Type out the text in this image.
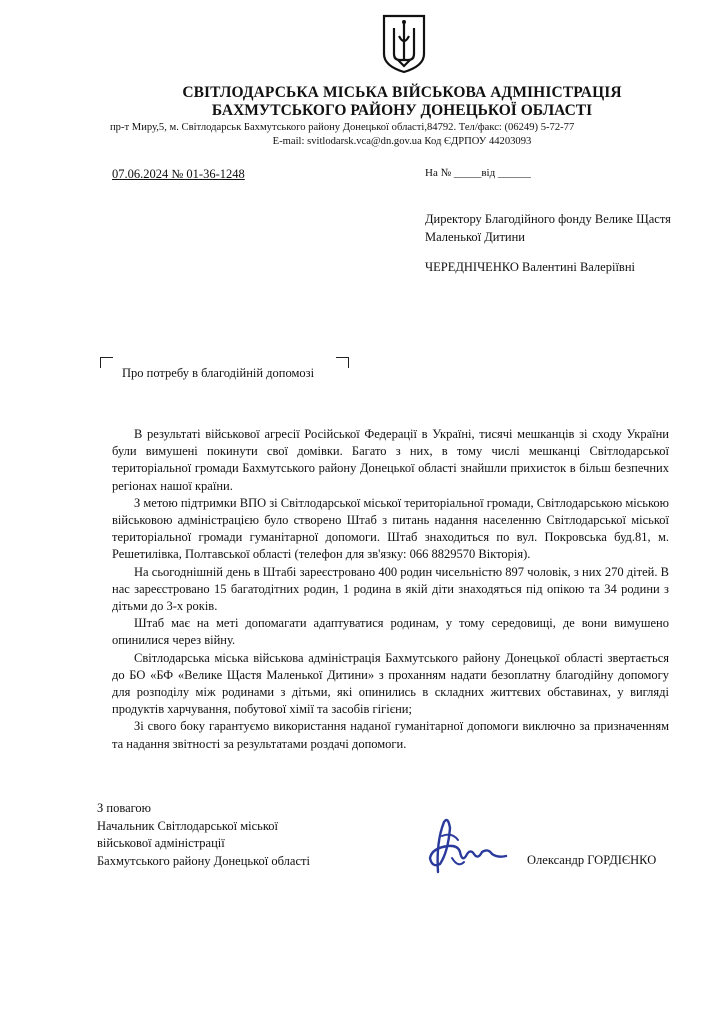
СВІТЛОДАРСЬКА МІСЬКА ВІЙСЬКОВА АДМІНІСТРАЦІЯ
БАХМУТСЬКОГО РАЙОНУ ДОНЕЦЬКОЇ ОБЛАСТІ
пр-т Миру,5, м. Світлодарськ Бахмутського району Донецької області,84792. Тел/факс: (06249) 5-72-77
E-mail: svitlodarsk.vca@dn.gov.ua Код ЄДРПОУ 44203093
07.06.2024 № 01-36-1248	На № _____від ______
Директору Благодійного фонду Велике Щастя Маленької Дитини
ЧЕРЕДНІЧЕНКО Валентині Валеріївні
Про потребу в благодійній допомозі

В результаті військової агресії Російської Федерації в Україні, тисячі мешканців зі сходу України були вимушені покинути свої домівки. Багато з них, в тому числі мешканці Світлодарської територіальної громади Бахмутського району Донецької області знайшли прихисток в більш безпечних регіонах нашої країни.

З метою підтримки ВПО зі Світлодарської міської територіальної громади, Світлодарською міською військовою адміністрацією було створено Штаб з питань надання населенню Світлодарської міської територіальної громади гуманітарної допомоги. Штаб знаходиться по вул. Покровська буд.81, м. Решетилівка, Полтавської області (телефон для зв'язку: 066 8829570 Вікторія).

На сьогоднішній день в Штабі зареєстровано 400 родин чисельністю 897 чоловік, з них 270 дітей. В нас зареєстровано 15 багатодітних родин, 1 родина в якій діти знаходяться під опікою та 34 родини з дітьми до 3-х років.

Штаб має на меті допомагати адаптуватися родинам, у тому середовищі, де вони вимушено опинилися через війну.

Світлодарська міська військова адміністрація Бахмутського району Донецької області звертається до БО «БФ «Велике Щастя Маленької Дитини» з проханням надати безоплатну благодійну допомогу для розподілу між родинами з дітьми, які опинились в складних життєвих обставинах, у вигляді продуктів харчування, побутової хімії та засобів гігієни;

Зі свого боку гарантуємо використання наданої гуманітарної допомоги виключно за призначенням та надання звітності за результатами роздачі допомоги.

З повагою
Начальник Світлодарської міської
військової адміністрації
Бахмутського району Донецької області	Олександр ГОРДІЄНКО
